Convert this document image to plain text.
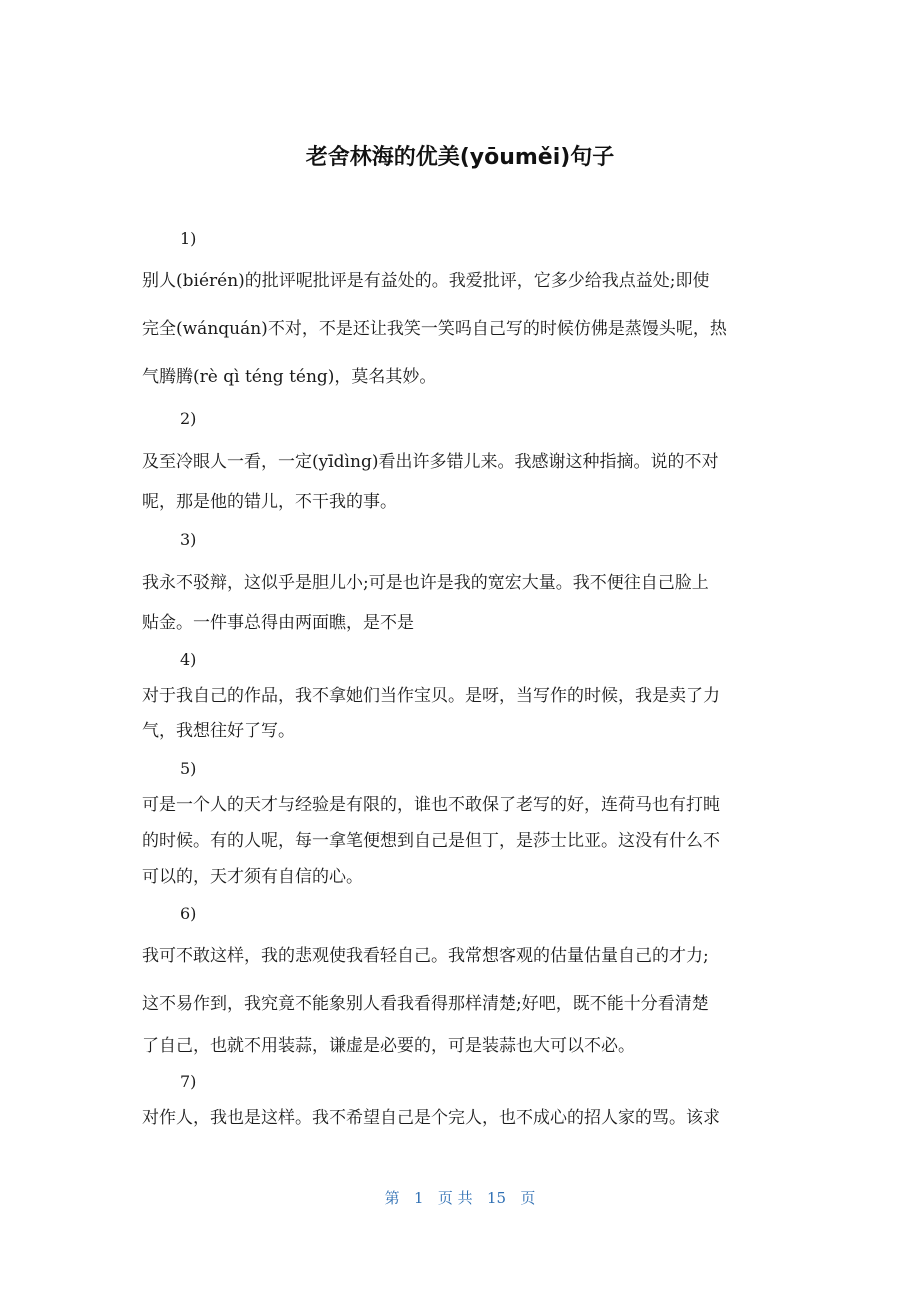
老舍林海的优美(yōuměi)句子
1)
别人(biérén)的批评呢批评是有益处的。我爱批评，它多少给我点益处;即使
完全(wánquán)不对，不是还让我笑一笑吗自己写的时候仿佛是蒸馒头呢，热
气腾腾(rè qì téng téng)，莫名其妙。
2)
及至冷眼人一看，一定(yīdìng)看出许多错儿来。我感谢这种指摘。说的不对
呢，那是他的错儿，不干我的事。
3)
我永不驳辩，这似乎是胆儿小;可是也许是我的宽宏大量。我不便往自己脸上
贴金。一件事总得由两面瞧，是不是
4)
对于我自己的作品，我不拿她们当作宝贝。是呀，当写作的时候，我是卖了力
气，我想往好了写。
5)
可是一个人的天才与经验是有限的，谁也不敢保了老写的好，连荷马也有打盹
的时候。有的人呢，每一拿笔便想到自己是但丁，是莎士比亚。这没有什么不
可以的，天才须有自信的心。
6)
我可不敢这样，我的悲观使我看轻自己。我常想客观的估量估量自己的才力;
这不易作到，我究竟不能象别人看我看得那样清楚;好吧，既不能十分看清楚
了自己，也就不用装蒜，谦虚是必要的，可是装蒜也大可以不必。
7)
对作人，我也是这样。我不希望自己是个完人，也不成心的招人家的骂。该求
第 1 页 共 15 页
